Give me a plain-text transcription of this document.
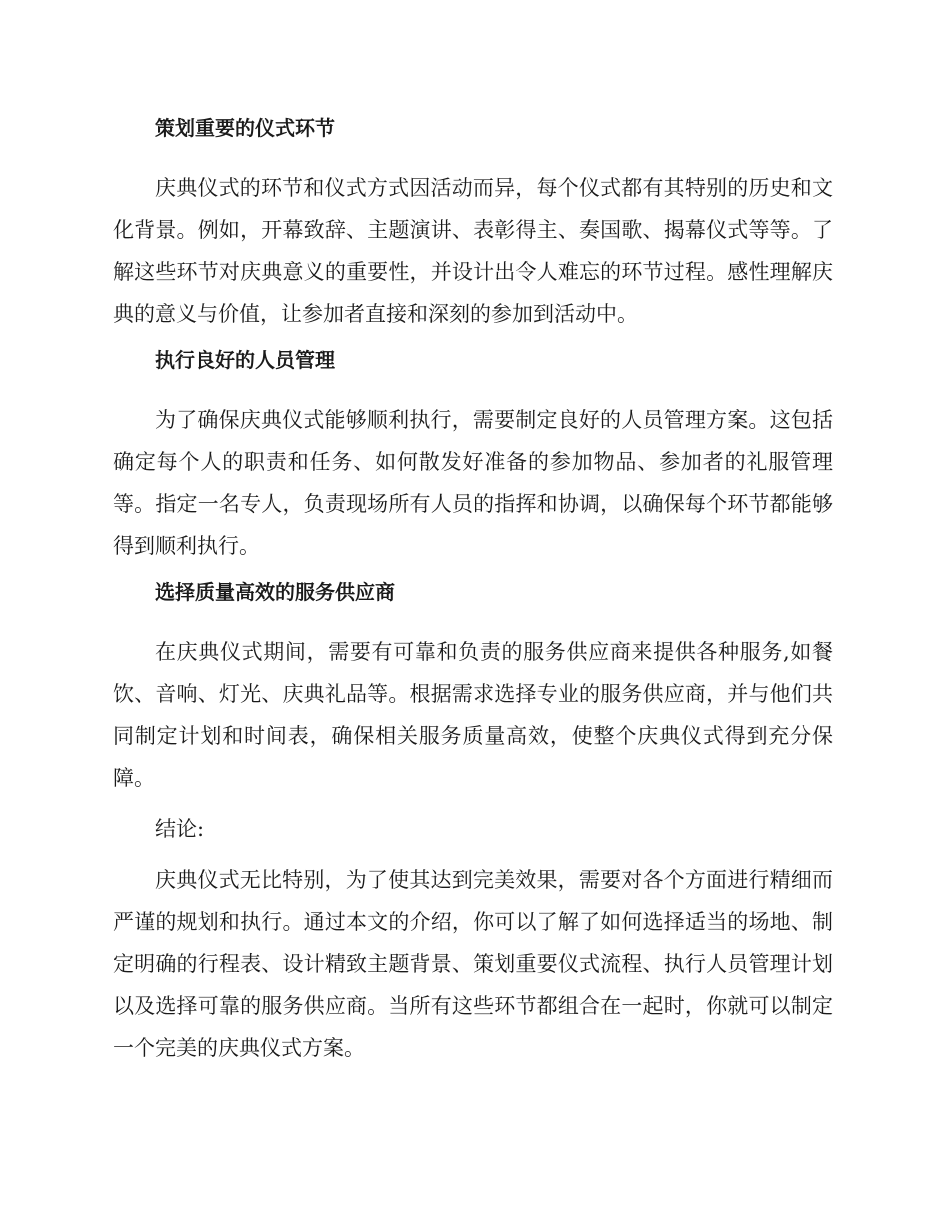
策划重要的仪式环节

庆典仪式的环节和仪式方式因活动而异，每个仪式都有其特别的历史和文化背景。例如，开幕致辞、主题演讲、表彰得主、奏国歌、揭幕仪式等等。了解这些环节对庆典意义的重要性，并设计出令人难忘的环节过程。感性理解庆典的意义与价值，让参加者直接和深刻的参加到活动中。

执行良好的人员管理

为了确保庆典仪式能够顺利执行，需要制定良好的人员管理方案。这包括确定每个人的职责和任务、如何散发好准备的参加物品、参加者的礼服管理等。指定一名专人，负责现场所有人员的指挥和协调，以确保每个环节都能够得到顺利执行。

选择质量高效的服务供应商

在庆典仪式期间，需要有可靠和负责的服务供应商来提供各种服务,如餐饮、音响、灯光、庆典礼品等。根据需求选择专业的服务供应商，并与他们共同制定计划和时间表，确保相关服务质量高效，使整个庆典仪式得到充分保障。

结论:

庆典仪式无比特别，为了使其达到完美效果，需要对各个方面进行精细而严谨的规划和执行。通过本文的介绍，你可以了解了如何选择适当的场地、制定明确的行程表、设计精致主题背景、策划重要仪式流程、执行人员管理计划以及选择可靠的服务供应商。当所有这些环节都组合在一起时，你就可以制定一个完美的庆典仪式方案。
